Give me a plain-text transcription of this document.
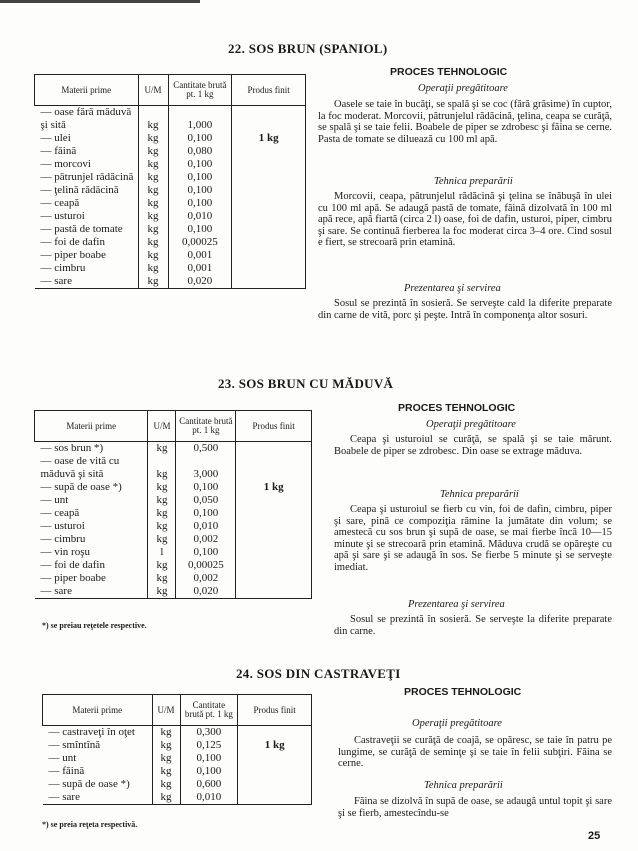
22. SOS BRUN (SPANIOL)
Materii prime	U/M	Cantitate brută pt. 1 kg	Produs finit
— oase fără măduvă şi sită	kg	1,000	
— ulei	kg	0,100	1 kg
— făină	kg	0,080	
— morcovi	kg	0,100	
— pătrunjel rădăcină	kg	0,100	
— ţelină rădăcină	kg	0,100	
— ceapă	kg	0,100	
— usturoi	kg	0,010	
— pastă de tomate	kg	0,100	
— foi de dafin	kg	0,00025	
— piper boabe	kg	0,001	
— cimbru	kg	0,001	
— sare	kg	0,020	
PROCES TEHNOLOGIC
Operaţii pregătitoare
Oasele se taie în bucăţi, se spală şi se coc (fără grăsime) în cuptor, la foc moderat. Morcovii, pătrunjelul rădăcină, ţelina, ceapa se curăţă, se spală şi se taie felii. Boabele de piper se zdrobesc şi făina se cerne. Pasta de tomate se diluează cu 100 ml apă.
Tehnica preparării
Morcovii, ceapa, pătrunjelul rădăcină şi ţelina se înăbuşă în ulei cu 100 ml apă. Se adaugă pastă de tomate, făină dizolvată în 100 ml apă rece, apă fiartă (circa 2 l) oase, foi de dafin, usturoi, piper, cimbru şi sare. Se continuă fierberea la foc moderat circa 3–4 ore. Cind sosul e fiert, se strecoară prin etamină.
Prezentarea şi servirea
Sosul se prezintă în sosieră. Se serveşte cald la diferite preparate din carne de vită, porc şi peşte. Intră în componenţa altor sosuri.
23. SOS BRUN CU MĂDUVĂ
Materii prime	U/M	Cantitate brută pt. 1 kg	Produs finit
— sos brun *)	kg	0,500	
— oase de vită cu măduvă şi sită	kg	3,000	
— supă de oase *)	kg	0,100	1 kg
— unt	kg	0,050	
— ceapă	kg	0,100	
— usturoi	kg	0,010	
— cimbru	kg	0,002	
— vin roşu	l	0,100	
— foi de dafin	kg	0,00025	
— piper boabe	kg	0,002	
— sare	kg	0,020	
*) se preiau reţetele respective.
PROCES TEHNOLOGIC
Operaţii pregătitoare
Ceapa şi usturoiul se curăţă, se spală şi se taie mărunt. Boabele de piper se zdrobesc. Din oase se extrage măduva.
Tehnica preparării
Ceapa şi usturoiul se fierb cu vin, foi de dafin, cimbru, piper şi sare, pină ce compoziţia rămine la jumătate din volum; se amestecă cu sos brun şi supă de oase, se mai fierbe încă 10—15 minute şi se strecoară prin etamină. Măduva crudă se opăreşte cu apă şi sare şi se adaugă în sos. Se fierbe 5 minute şi se serveşte imediat.
Prezentarea şi servirea
Sosul se prezintă în sosieră. Se serveşte la diferite preparate din carne.
24. SOS DIN CASTRAVEŢI
Materii prime	U/M	Cantitate brută pt. 1 kg	Produs finit
— castraveţi în oţet	kg	0,300	
— smîntînă	kg	0,125	1 kg
— unt	kg	0,100	
— făină	kg	0,100	
— supă de oase *)	kg	0,600	
— sare	kg	0,010	
*) se preia reţeta respectivă.
PROCES TEHNOLOGIC
Operaţii pregătitoare
Castraveţii se curăţă de coajă, se opăresc, se taie în patru pe lungime, se curăţă de seminţe şi se taie în felii subţiri. Făina se cerne.
Tehnica preparării
Făina se dizolvă în supă de oase, se adaugă untul topit şi sare şi se fierb, amestecîndu-se
25
